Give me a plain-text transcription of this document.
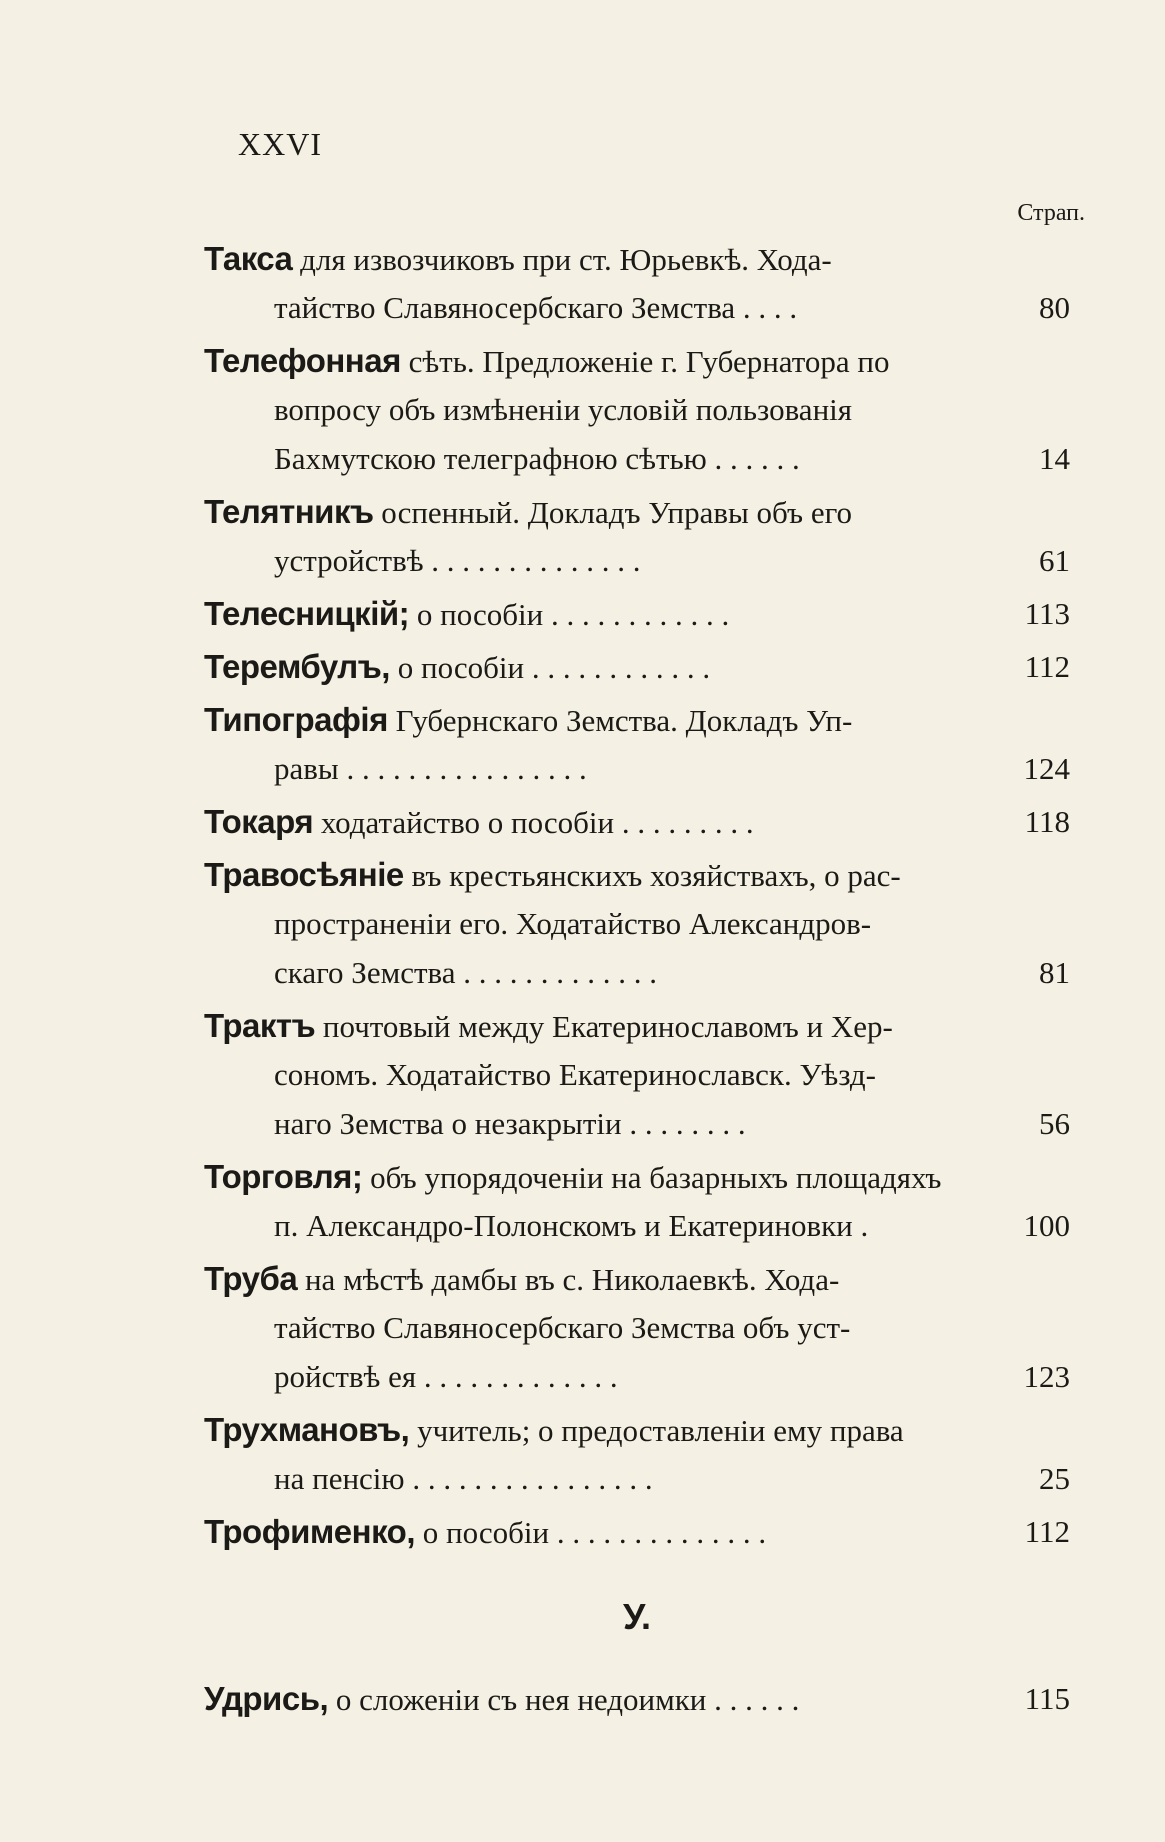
XXVI
Страп.
Такса для извозчиковъ при ст. Юрьевкѣ. Хода-
тайство Славяносербскаго Земства . . . .	80
Телефонная сѣть. Предложеніе г. Губернатора по
вопросу объ измѣненіи условій пользованія
Бахмутскою телеграфною сѣтью . . . . . .	14
Телятникъ оспенный. Докладъ Управы объ его
устройствѣ . . . . . . . . . . . . . .	61
Телесницкій; о пособіи . . . . . . . . . . . .	113
Терембулъ, о пособіи . . . . . . . . . . . .	112
Типографія Губернскаго Земства. Докладъ Уп-
равы . . . . . . . . . . . . . . . .	124
Токаря ходатайство о пособіи . . . . . . . . .	118
Травосѣяніе въ крестьянскихъ хозяйствахъ, о рас-
пространеніи его. Ходатайство Александров-
скаго Земства . . . . . . . . . . . . .	81
Трактъ почтовый между Екатеринославомъ и Хер-
сономъ. Ходатайство Екатеринославск. Уѣзд-
наго Земства о незакрытіи . . . . . . . .	56
Торговля; объ упорядоченіи на базарныхъ площадяхъ
п. Александро-Полонскомъ и Екатериновки .	100
Труба на мѣстѣ дамбы въ с. Николаевкѣ. Хода-
тайство Славяносербскаго Земства объ уст-
ройствѣ ея . . . . . . . . . . . . .	123
Трухмановъ, учитель; о предоставленіи ему права
на пенсію . . . . . . . . . . . . . . . .	25
Трофименко, о пособіи . . . . . . . . . . . . . .	112
У.
Удрись, о сложеніи съ нея недоимки . . . . . .	115
